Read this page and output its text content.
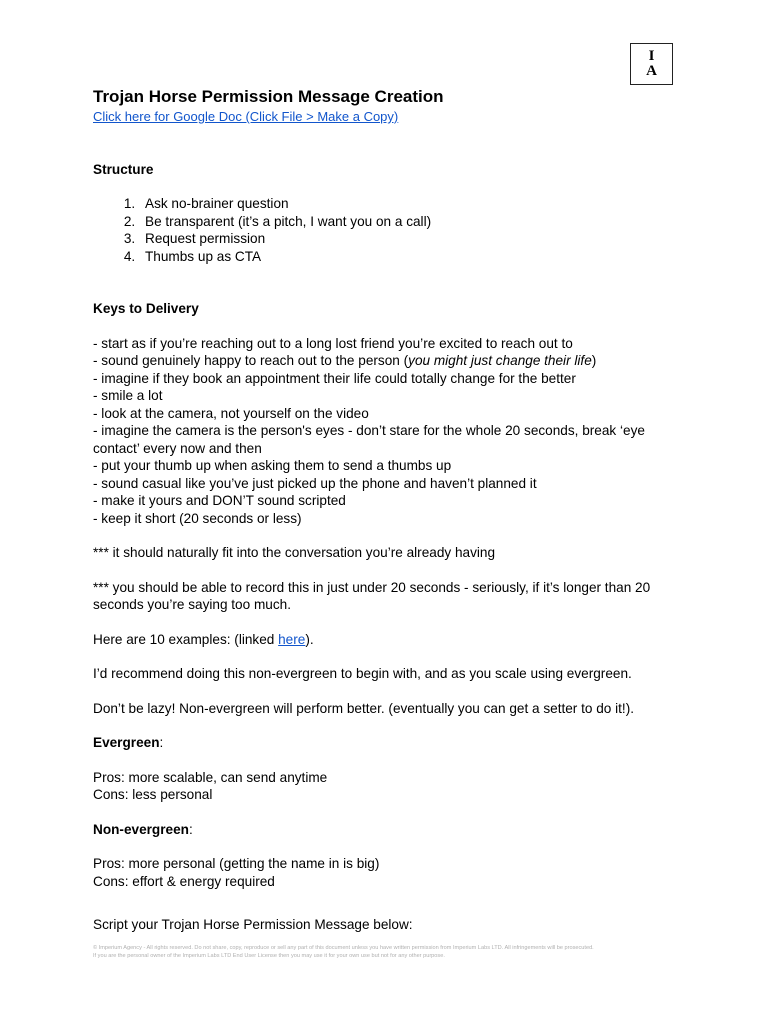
I
A
Trojan Horse Permission Message Creation
Click here for Google Doc (Click File > Make a Copy)
Structure
1. Ask no-brainer question
2. Be transparent (it’s a pitch, I want you on a call)
3. Request permission
4. Thumbs up as CTA
Keys to Delivery

- start as if you’re reaching out to a long lost friend you’re excited to reach out to

- sound genuinely happy to reach out to the person (you might just change their life)

- imagine if they book an appointment their life could totally change for the better

- smile a lot

- look at the camera, not yourself on the video

- imagine the camera is the person's eyes - don’t stare for the whole 20 seconds, break ‘eye contact’ every now and then

- put your thumb up when asking them to send a thumbs up

- sound casual like you’ve just picked up the phone and haven’t planned it

- make it yours and DON’T sound scripted

- keep it short (20 seconds or less)

*** it should naturally fit into the conversation you’re already having

*** you should be able to record this in just under 20 seconds - seriously, if it’s longer than 20 seconds you’re saying too much.

Here are 10 examples: (linked here).

I’d recommend doing this non-evergreen to begin with, and as you scale using evergreen.

Don’t be lazy! Non-evergreen will perform better. (eventually you can get a setter to do it!).

Evergreen:

Pros: more scalable, can send anytime

Cons: less personal

Non-evergreen:

Pros: more personal (getting the name in is big)

Cons: effort & energy required

Script your Trojan Horse Permission Message below:

© Imperium Agency - All rights reserved. Do not share, copy, reproduce or sell any part of this document unless you have written permission from Imperium Labs LTD. All infringements will be prosecuted.
If you are the personal owner of the Imperium Labs LTD End User License then you may use it for your own use but not for any other purpose.
